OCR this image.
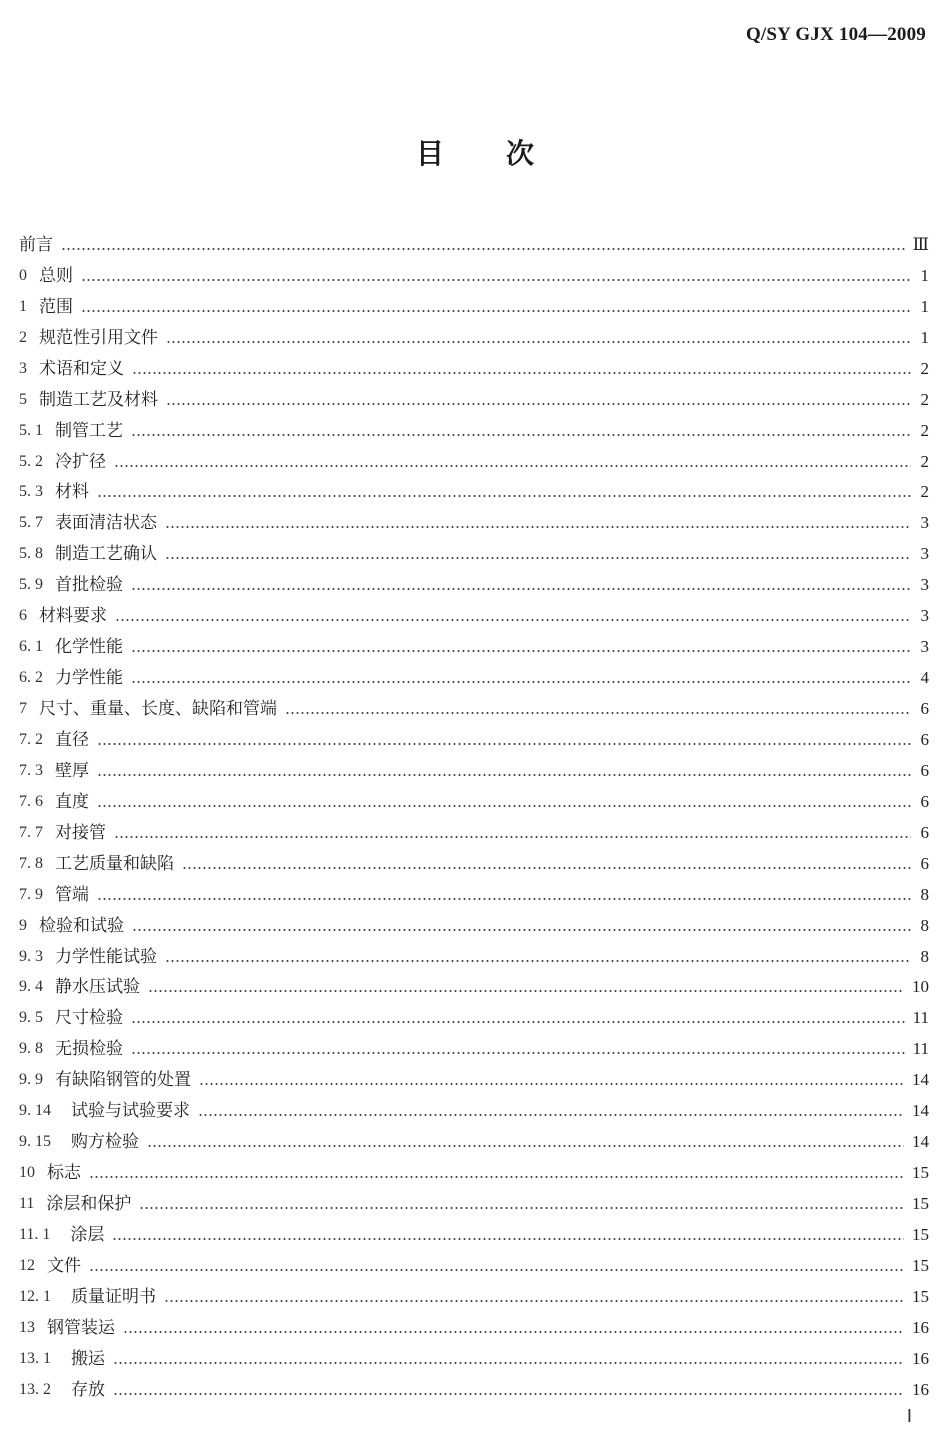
Q/SY GJX 104—2009
目 次
前言	Ⅲ
0 总则	1
1 范围	1
2 规范性引用文件	1
3 术语和定义	2
5 制造工艺及材料	2
5. 1 制管工艺	2
5. 2 冷扩径	2
5. 3 材料	2
5. 7 表面清洁状态	3
5. 8 制造工艺确认	3
5. 9 首批检验	3
6 材料要求	3
6. 1 化学性能	3
6. 2 力学性能	4
7 尺寸、重量、长度、缺陷和管端	6
7. 2 直径	6
7. 3 壁厚	6
7. 6 直度	6
7. 7 对接管	6
7. 8 工艺质量和缺陷	6
7. 9 管端	8
9 检验和试验	8
9. 3 力学性能试验	8
9. 4 静水压试验	10
9. 5 尺寸检验	11
9. 8 无损检验	11
9. 9 有缺陷钢管的处置	14
9. 14	试验与试验要求	14
9. 15	购方检验	14
10 标志	15
11 涂层和保护	15
11. 1	涂层	15
12 文件	15
12. 1	质量证明书	15
13 钢管装运	16
13. 1	搬运	16
13. 2	存放	16
Ⅰ
